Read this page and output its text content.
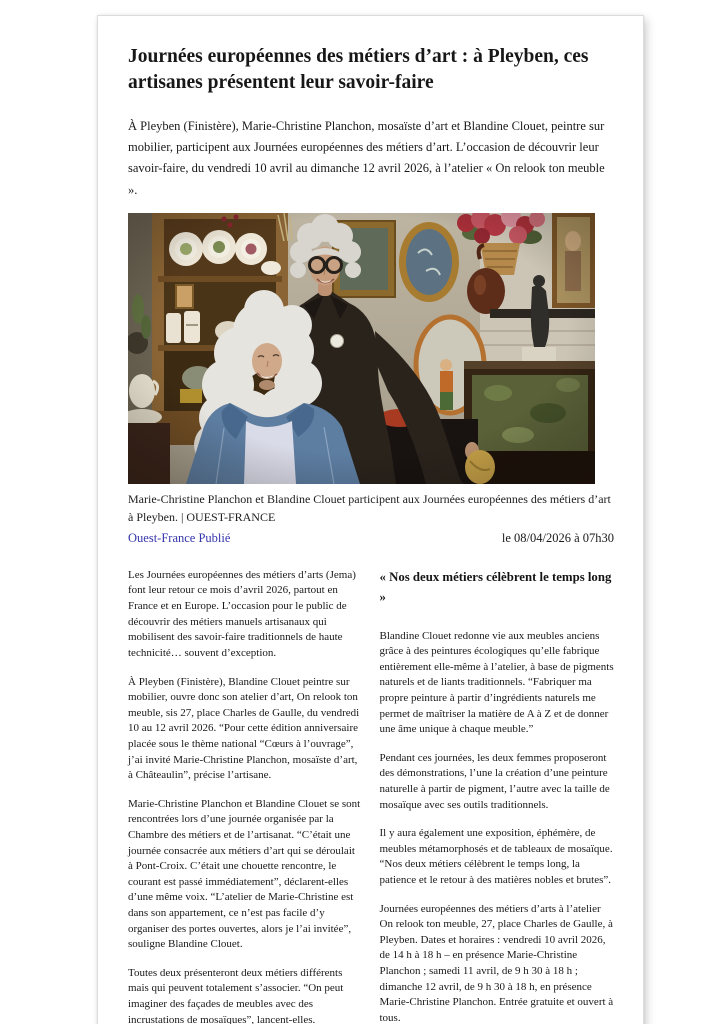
Journées européennes des métiers d’art : à Pleyben, ces artisanes présentent leur savoir-faire

À Pleyben (Finistère), Marie-Christine Planchon, mosaïste d’art et Blandine Clouet, peintre sur mobilier, participent aux Journées européennes des métiers d’art. L’occasion de découvrir leur savoir-faire, du vendredi 10 avril au dimanche 12 avril 2026, à l’atelier « On relook ton meuble ».

Marie-Christine Planchon et Blandine Clouet participent aux Journées européennes des métiers d’art à Pleyben. | OUEST-FRANCE
Ouest-France Publié	le 08/04/2026 à 07h30

Les Journées européennes des métiers d’arts (Jema) font leur retour ce mois d’avril 2026, partout en France et en Europe. L’occasion pour le public de découvrir des métiers manuels artisanaux qui mobilisent des savoir-faire traditionnels de haute technicité… souvent d’exception.

À Pleyben (Finistère), Blandine Clouet peintre sur mobilier, ouvre donc son atelier d’art, On relook ton meuble, sis 27, place Charles de Gaulle, du vendredi 10 au 12 avril 2026. “Pour cette édition anniversaire placée sous le thème national “Cœurs à l’ouvrage”, j’ai invité Marie-Christine Planchon, mosaïste d’art, à Châteaulin”, précise l’artisane.

Marie-Christine Planchon et Blandine Clouet se sont rencontrées lors d’une journée organisée par la Chambre des métiers et de l’artisanat. “C’était une journée consacrée aux métiers d’art qui se déroulait à Pont-Croix. C’était une chouette rencontre, le courant est passé immédiatement”, déclarent-elles d’une même voix. “L’atelier de Marie-Christine est dans son appartement, ce n’est pas facile d’y organiser des portes ouvertes, alors je l’ai invitée”, souligne Blandine Clouet.

Toutes deux présenteront deux métiers différents mais qui peuvent totalement s’associer. “On peut imaginer des façades de meubles avec des incrustations de mosaïques”, lancent-elles.

« Nos deux métiers célèbrent le temps long »

Blandine Clouet redonne vie aux meubles anciens grâce à des peintures écologiques qu’elle fabrique entièrement elle-même à l’atelier, à base de pigments naturels et de liants traditionnels. “Fabriquer ma propre peinture à partir d’ingrédients naturels me permet de maîtriser la matière de A à Z et de donner une âme unique à chaque meuble.”

Pendant ces journées, les deux femmes proposeront des démonstrations, l’une la création d’une peinture naturelle à partir de pigment, l’autre avec la taille de mosaïque avec ses outils traditionnels.

Il y aura également une exposition, éphémère, de meubles métamorphosés et de tableaux de mosaïque. “Nos deux métiers célèbrent le temps long, la patience et le retour à des matières nobles et brutes”.

Journées européennes des métiers d’arts à l’atelier On relook ton meuble, 27, place Charles de Gaulle, à Pleyben. Dates et horaires : vendredi 10 avril 2026, de 14 h à 18 h – en présence Marie-Christine Planchon ; samedi 11 avril, de 9 h 30 à 18 h ; dimanche 12 avril, de 9 h 30 à 18 h, en présence Marie-Christine Planchon. Entrée gratuite et ouvert à tous.
